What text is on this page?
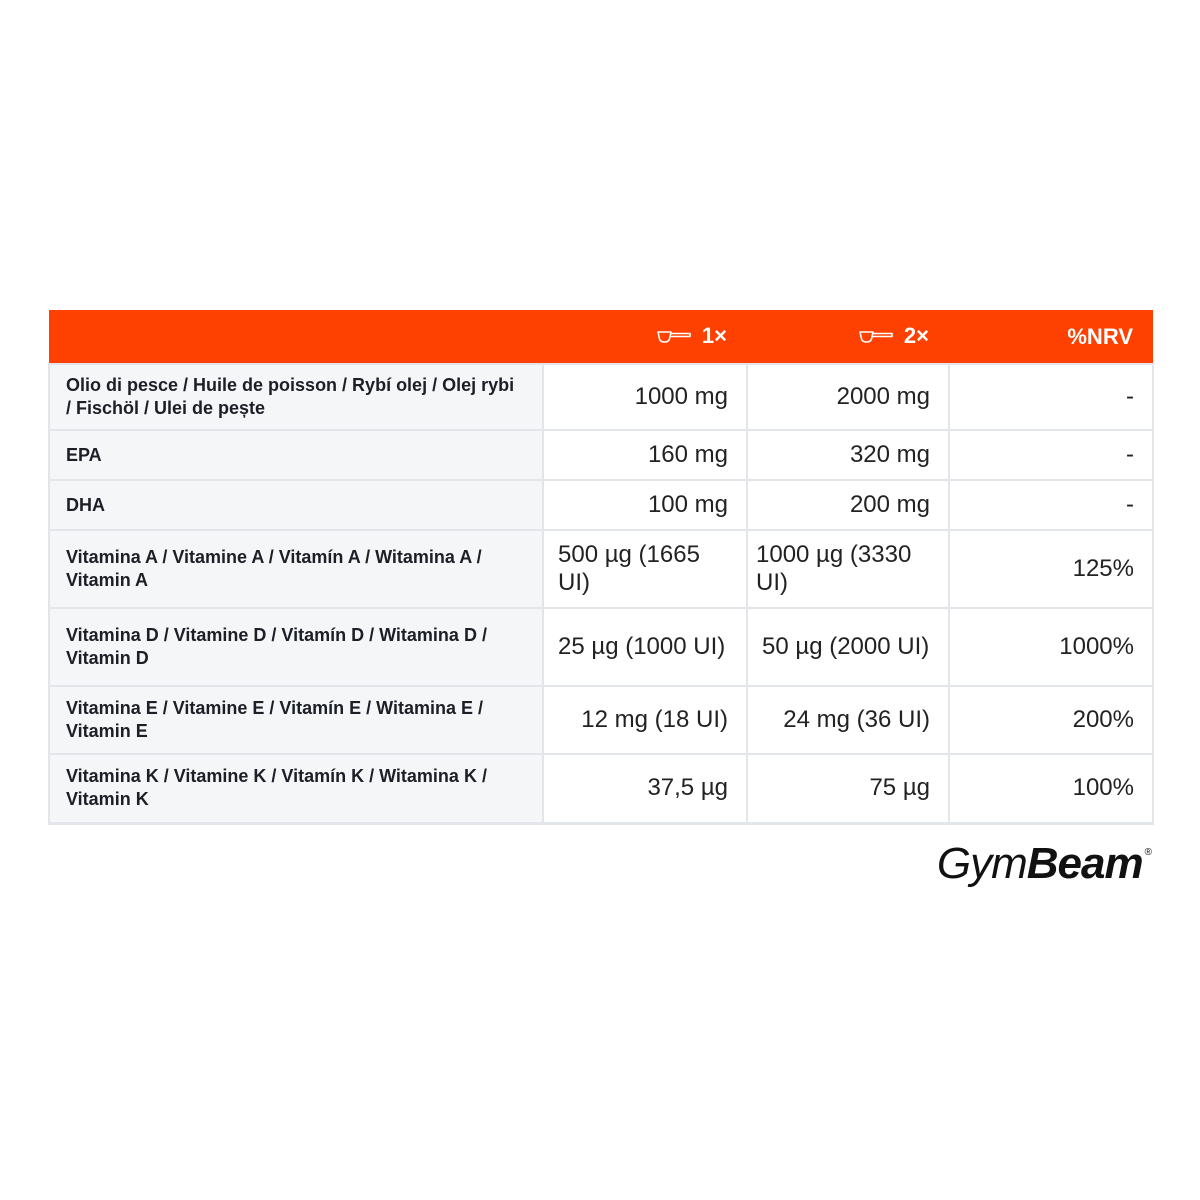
	1×	2×	%NRV
Olio di pesce / Huile de poisson / Rybí olej / Olej rybi / Fischöl / Ulei de pește	1000 mg	2000 mg	-
EPA	160 mg	320 mg	-
DHA	100 mg	200 mg	-
Vitamina A / Vitamine A / Vitamín A / Witamina A / Vitamin A	500 µg (1665 UI)	1000 µg (3330 UI)	125%
Vitamina D / Vitamine D / Vitamín D / Witamina D / Vitamin D	25 µg (1000 UI)	50 µg (2000 UI)	1000%
Vitamina E / Vitamine E / Vitamín E / Witamina E / Vitamin E	12 mg (18 UI)	24 mg (36 UI)	200%
Vitamina K / Vitamine K / Vitamín K / Witamina K / Vitamin K	37,5 µg	75 µg	100%
Gym Beam ®
